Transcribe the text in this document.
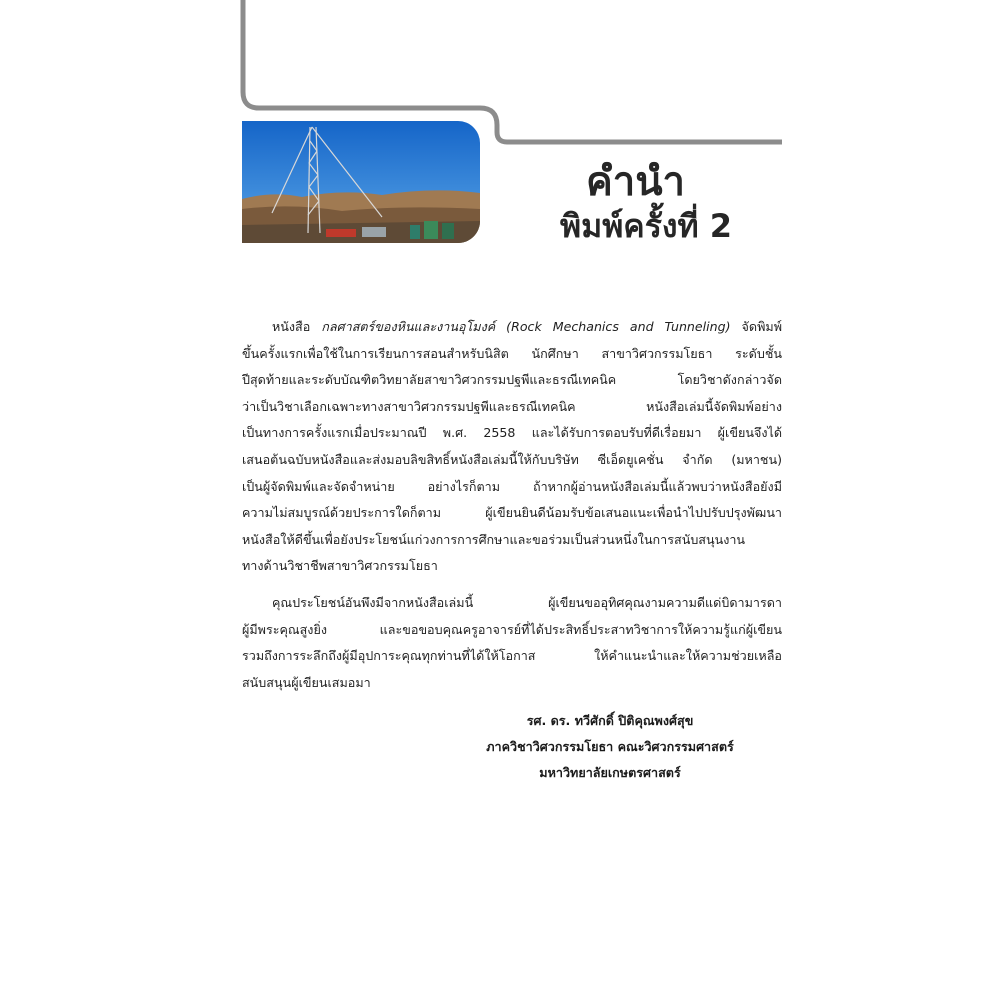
คำนำ
พิมพ์ครั้งที่ 2
หนังสือ กลศาสตร์ของหินและงานอุโมงค์ (Rock Mechanics and Tunneling) จัดพิมพ์
ขึ้นครั้งแรกเพื่อใช้ในการเรียนการสอนสำหรับนิสิต นักศึกษา สาขาวิศวกรรมโยธา ระดับชั้น
ปีสุดท้ายและระดับบัณฑิตวิทยาลัยสาขาวิศวกรรมปฐพีและธรณีเทคนิค โดยวิชาดังกล่าวจัด
ว่าเป็นวิชาเลือกเฉพาะทางสาขาวิศวกรรมปฐพีและธรณีเทคนิค หนังสือเล่มนี้จัดพิมพ์อย่าง
เป็นทางการครั้งแรกเมื่อประมาณปี พ.ศ. 2558 และได้รับการตอบรับที่ดีเรื่อยมา ผู้เขียนจึงได้
เสนอต้นฉบับหนังสือและส่งมอบลิขสิทธิ์หนังสือเล่มนี้ให้กับบริษัท ซีเอ็ดยูเคชั่น จำกัด (มหาชน)
เป็นผู้จัดพิมพ์และจัดจำหน่าย อย่างไรก็ตาม ถ้าหากผู้อ่านหนังสือเล่มนี้แล้วพบว่าหนังสือยังมี
ความไม่สมบูรณ์ด้วยประการใดก็ตาม ผู้เขียนยินดีน้อมรับข้อเสนอแนะเพื่อนำไปปรับปรุงพัฒนา
หนังสือให้ดีขึ้นเพื่อยังประโยชน์แก่วงการการศึกษาและขอร่วมเป็นส่วนหนึ่งในการสนับสนุนงาน
ทางด้านวิชาชีพสาขาวิศวกรรมโยธา
คุณประโยชน์อันพึงมีจากหนังสือเล่มนี้ ผู้เขียนขออุทิศคุณงามความดีแด่บิดามารดา
ผู้มีพระคุณสูงยิ่ง และขอขอบคุณครูอาจารย์ที่ได้ประสิทธิ์ประสาทวิชาการให้ความรู้แก่ผู้เขียน
รวมถึงการระลึกถึงผู้มีอุปการะคุณทุกท่านที่ได้ให้โอกาส ให้คำแนะนำและให้ความช่วยเหลือ
สนับสนุนผู้เขียนเสมอมา
รศ. ดร. ทวีศักดิ์ ปิติคุณพงศ์สุข
ภาควิชาวิศวกรรมโยธา คณะวิศวกรรมศาสตร์
มหาวิทยาลัยเกษตรศาสตร์
